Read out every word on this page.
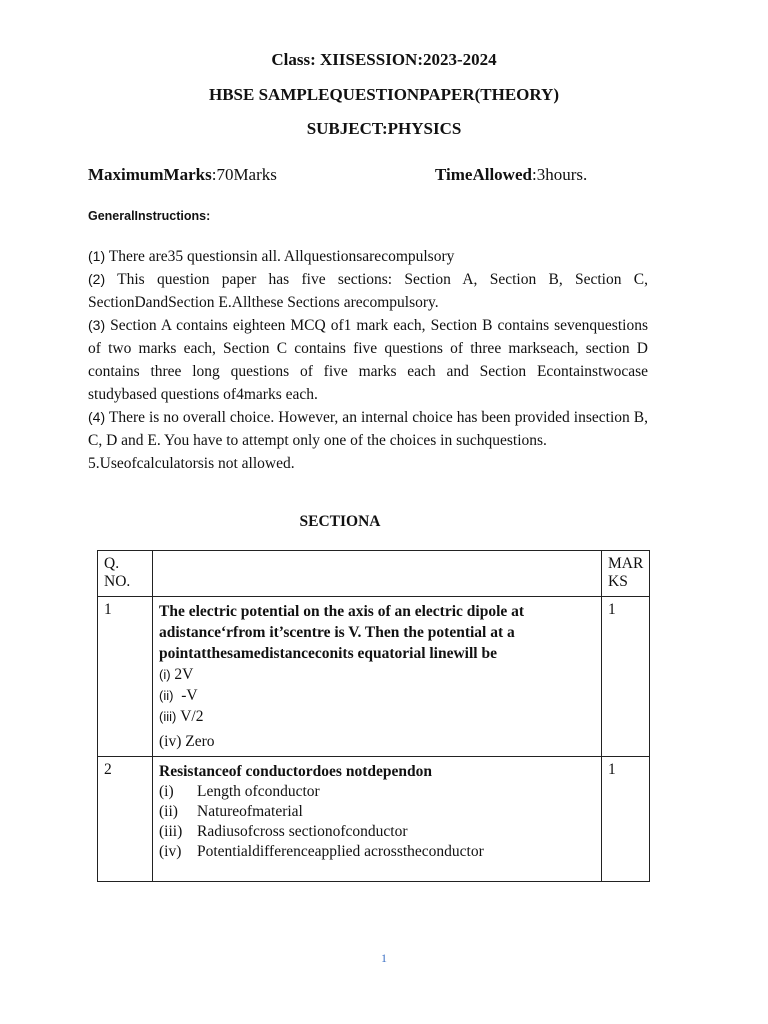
Class: XIISESSION:2023-2024
HBSE SAMPLEQUESTIONPAPER(THEORY)
SUBJECT:PHYSICS
MaximumMarks:70Marks	TimeAllowed:3hours.
GeneralInstructions:

(1) There are35 questionsin all. Allquestionsarecompulsory

(2) This question paper has five sections: Section A, Section B, Section C, SectionDandSection E.Allthese Sections arecompulsory.

(3) Section A contains eighteen MCQ of1 mark each, Section B contains sevenquestions of two marks each, Section C contains five questions of three markseach, section D contains three long questions of five marks each and Section Econtainstwocase studybased questions of4marks each.

(4) There is no overall choice. However, an internal choice has been provided insection B, C, D and E. You have to attempt only one of the choices in suchquestions.

5.Useofcalculatorsis not allowed.

SECTIONA
Q. NO.		MAR KS
1	The electric potential on the axis of an electric dipole at adistance‘rfrom it’scentre is V. Then the potential at a pointatthesamedistanceconits equatorial linewill be
(i) 2V
(ii) -V
(iii) V/2
(iv) Zero	1
2	Resistanceof conductordoes notdependon
(i) Length ofconductor
(ii) Natureofmaterial
(iii) Radiusofcross sectionofconductor
(iv) Potentialdifferenceapplied acrosstheconductor	1
1
